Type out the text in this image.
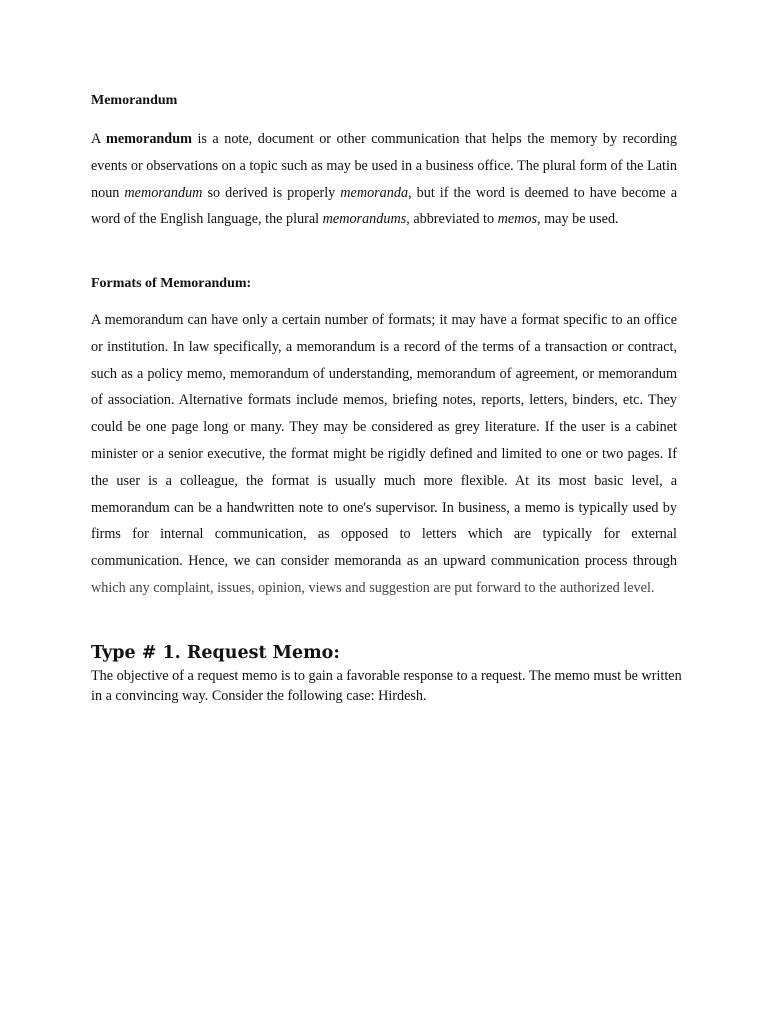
Memorandum

A memorandum is a note, document or other communication that helps the memory by recording events or observations on a topic such as may be used in a business office. The plural form of the Latin noun memorandum so derived is properly memoranda, but if the word is deemed to have become a word of the English language, the plural memorandums, abbreviated to memos, may be used.

Formats of Memorandum:

A memorandum can have only a certain number of formats; it may have a format specific to an office or institution. In law specifically, a memorandum is a record of the terms of a transaction or contract, such as a policy memo, memorandum of understanding, memorandum of agreement, or memorandum of association. Alternative formats include memos, briefing notes, reports, letters, binders, etc. They could be one page long or many. They may be considered as grey literature. If the user is a cabinet minister or a senior executive, the format might be rigidly defined and limited to one or two pages. If the user is a colleague, the format is usually much more flexible. At its most basic level, a memorandum can be a handwritten note to one's supervisor. In business, a memo is typically used by firms for internal communication, as opposed to letters which are typically for external communication. Hence, we can consider memoranda as an upward communication process through which any complaint, issues, opinion, views and suggestion are put forward to the authorized level.

Type # 1. Request Memo:

The objective of a request memo is to gain a favorable response to a request. The memo must be written in a convincing way. Consider the following case: Hirdesh.
